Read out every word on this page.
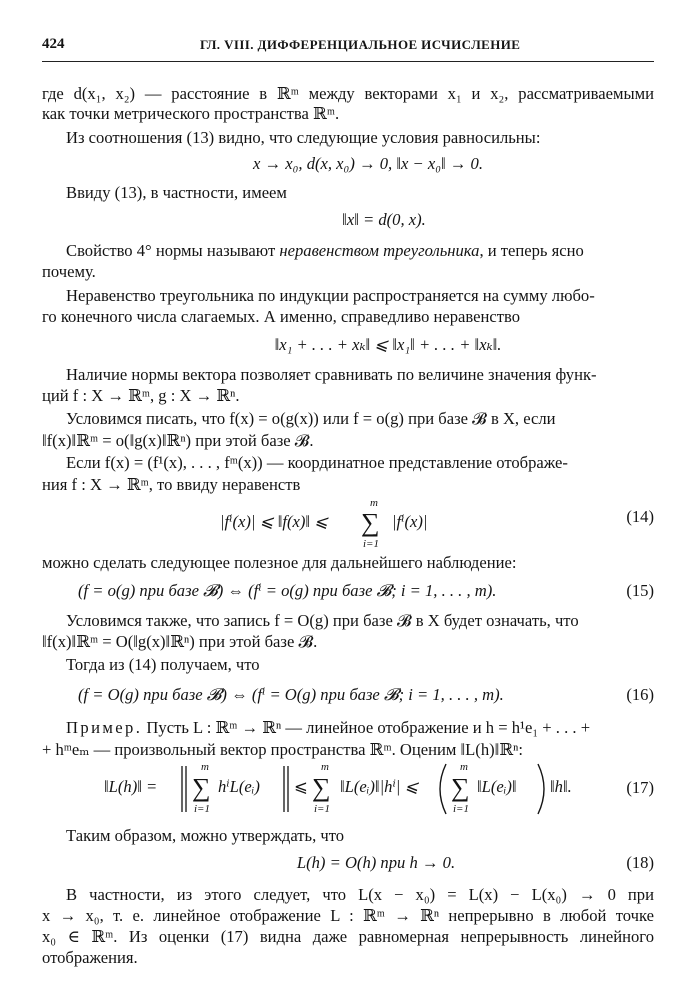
424	ГЛ. VIII. ДИФФЕРЕНЦИАЛЬНОЕ ИСЧИСЛЕНИЕ
где d(x₁, x₂) — расстояние в ℝᵐ между векторами x₁ и x₂, рассматриваемыми
как точки метрического пространства ℝᵐ.
Из соотношения (13) видно, что следующие условия равносильны:
x → x₀, d(x, x₀) → 0, ‖x − x₀‖ → 0.
Ввиду (13), в частности, имеем
‖x‖ = d(0, x).
Свойство 4° нормы называют неравенством треугольника, и теперь ясно
почему.
Неравенство треугольника по индукции распространяется на сумму любо-
го конечного числа слагаемых. А именно, справедливо неравенство
‖x₁ + . . . + xₖ‖ ⩽ ‖x₁‖ + . . . + ‖xₖ‖.
Наличие нормы вектора позволяет сравнивать по величине значения функ-
ций f : X → ℝᵐ, g : X → ℝⁿ.
Условимся писать, что f(x) = o(g(x)) или f = o(g) при базе 𝓑 в X, если
‖f(x)‖ℝᵐ = o(‖g(x)‖ℝⁿ) при этой базе 𝓑.
Если f(x) = (f¹(x), . . . , fᵐ(x)) — координатное представление отображе-
ния f : X → ℝᵐ, то ввиду неравенств
|fⁱ(x)| ⩽ ‖f(x)‖ ⩽
m
∑
i=1
|fⁱ(x)|	(14)
можно сделать следующее полезное для дальнейшего наблюдение:
(f = o(g) при базе 𝓑) ⇔ (fⁱ = o(g) при базе 𝓑; i = 1, . . . , m).	(15)
Условимся также, что запись f = O(g) при базе 𝓑 в X будет означать, что
‖f(x)‖ℝᵐ = O(‖g(x)‖ℝⁿ) при этой базе 𝓑.
Тогда из (14) получаем, что
(f = O(g) при базе 𝓑) ⇔ (fⁱ = O(g) при базе 𝓑; i = 1, . . . , m).	(16)
Пример. Пусть L : ℝᵐ → ℝⁿ — линейное отображение и h = h¹e₁ + . . . +
+ hᵐeₘ — произвольный вектор пространства ℝᵐ. Оценим ‖L(h)‖ℝⁿ:
‖L(h)‖ =
m
∑
i=1
hⁱL(eᵢ) ⩽
m
∑
i=1
‖L(eᵢ)‖|hⁱ| ⩽
m
∑
i=1
‖L(eᵢ)‖ ‖h‖.	(17)
Таким образом, можно утверждать, что
L(h) = O(h) при h → 0.	(18)
В частности, из этого следует, что L(x − x₀) = L(x) − L(x₀) → 0 при
x → x₀, т. е. линейное отображение L : ℝᵐ → ℝⁿ непрерывно в любой точке
x₀ ∈ ℝᵐ. Из оценки (17) видна даже равномерная непрерывность линейного
отображения.
